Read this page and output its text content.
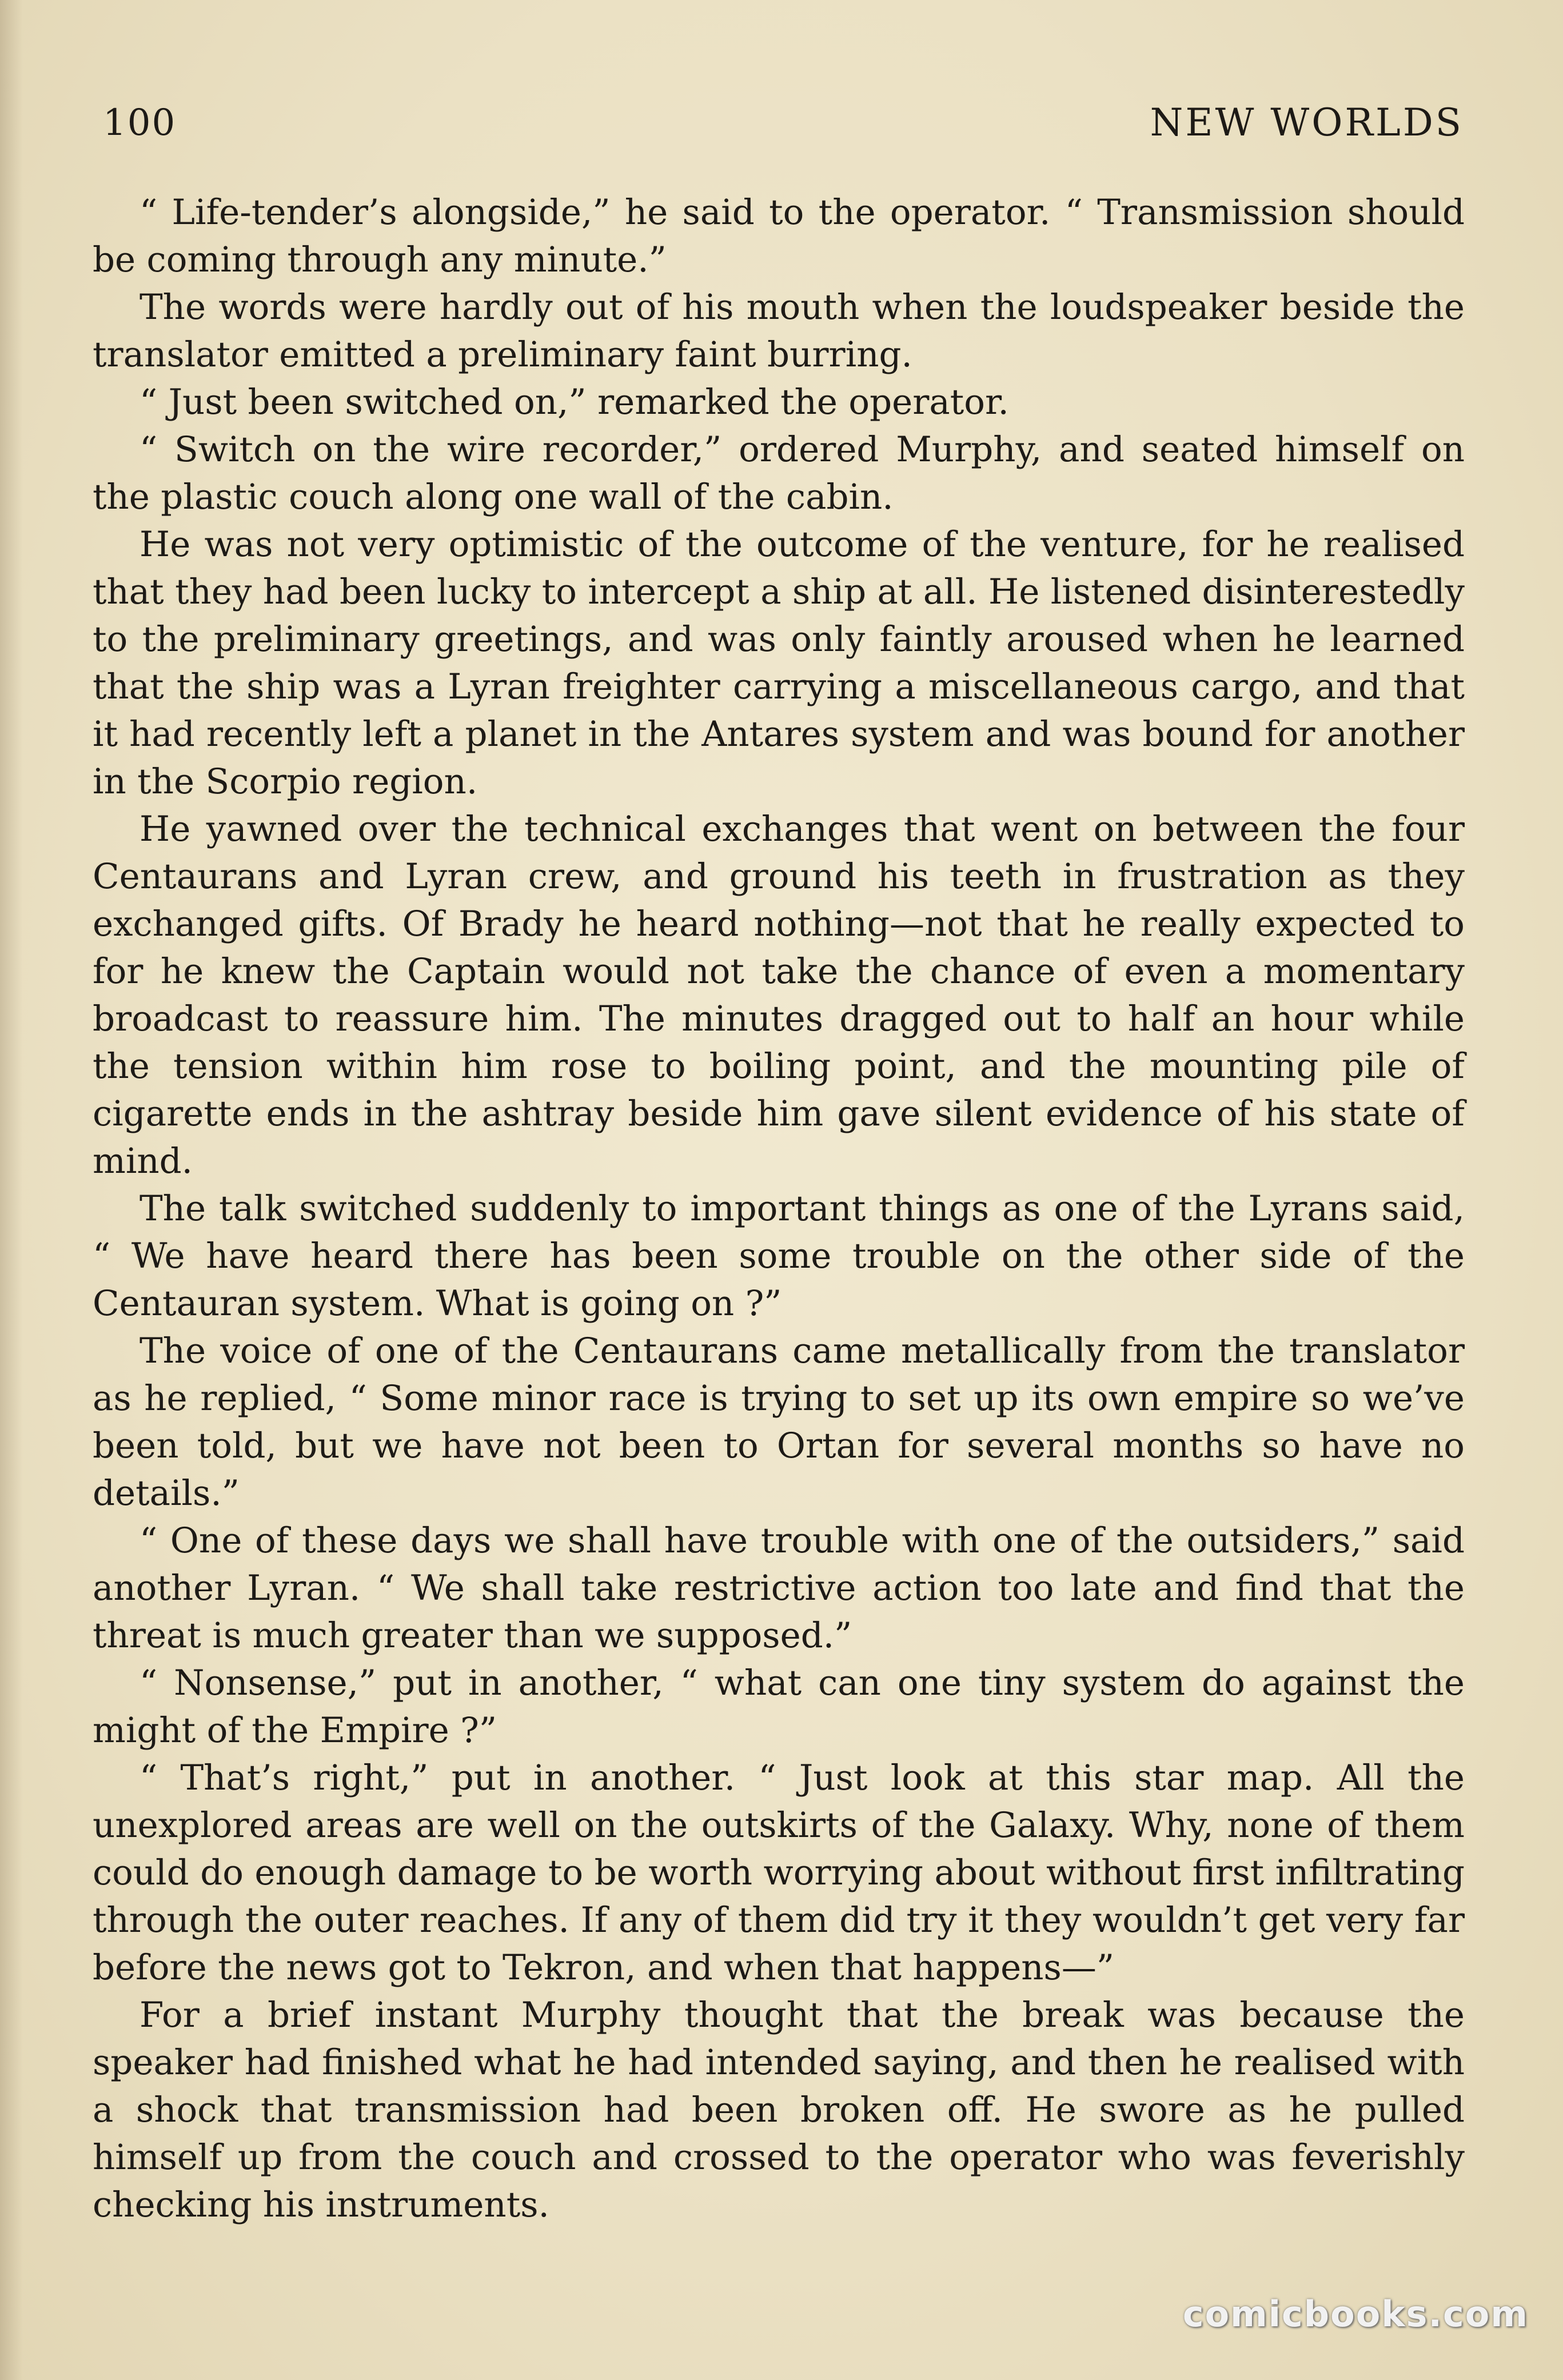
100	NEW WORLDS

“ Life-tender’s alongside,” he said to the operator. “ Transmission should be coming through any minute.”

The words were hardly out of his mouth when the loudspeaker beside the translator emitted a preliminary faint burring.

“ Just been switched on,” remarked the operator.

“ Switch on the wire recorder,” ordered Murphy, and seated himself on the plastic couch along one wall of the cabin.

He was not very optimistic of the outcome of the venture, for he realised that they had been lucky to intercept a ship at all. He listened disinterestedly to the preliminary greetings, and was only faintly aroused when he learned that the ship was a Lyran freighter carrying a miscellaneous cargo, and that it had recently left a planet in the Antares system and was bound for another in the Scorpio region.

He yawned over the technical exchanges that went on between the four Centaurans and Lyran crew, and ground his teeth in frustration as they exchanged gifts. Of Brady he heard nothing—not that he really expected to for he knew the Captain would not take the chance of even a momentary broadcast to reassure him. The minutes dragged out to half an hour while the tension within him rose to boiling point, and the mounting pile of cigarette ends in the ashtray beside him gave silent evidence of his state of mind.

The talk switched suddenly to important things as one of the Lyrans said, “ We have heard there has been some trouble on the other side of the Centauran system. What is going on ?”

The voice of one of the Centaurans came metallically from the translator as he replied, “ Some minor race is trying to set up its own empire so we’ve been told, but we have not been to Ortan for several months so have no details.”

“ One of these days we shall have trouble with one of the outsiders,” said another Lyran. “ We shall take restrictive action too late and find that the threat is much greater than we supposed.”

“ Nonsense,” put in another, “ what can one tiny system do against the might of the Empire ?”

“ That’s right,” put in another. “ Just look at this star map. All the unexplored areas are well on the outskirts of the Galaxy. Why, none of them could do enough damage to be worth worrying about without first infiltrating through the outer reaches. If any of them did try it they wouldn’t get very far before the news got to Tekron, and when that happens—”

For a brief instant Murphy thought that the break was because the speaker had finished what he had intended saying, and then he realised with a shock that transmission had been broken off. He swore as he pulled himself up from the couch and crossed to the operator who was feverishly checking his instruments.

comicbooks.com
